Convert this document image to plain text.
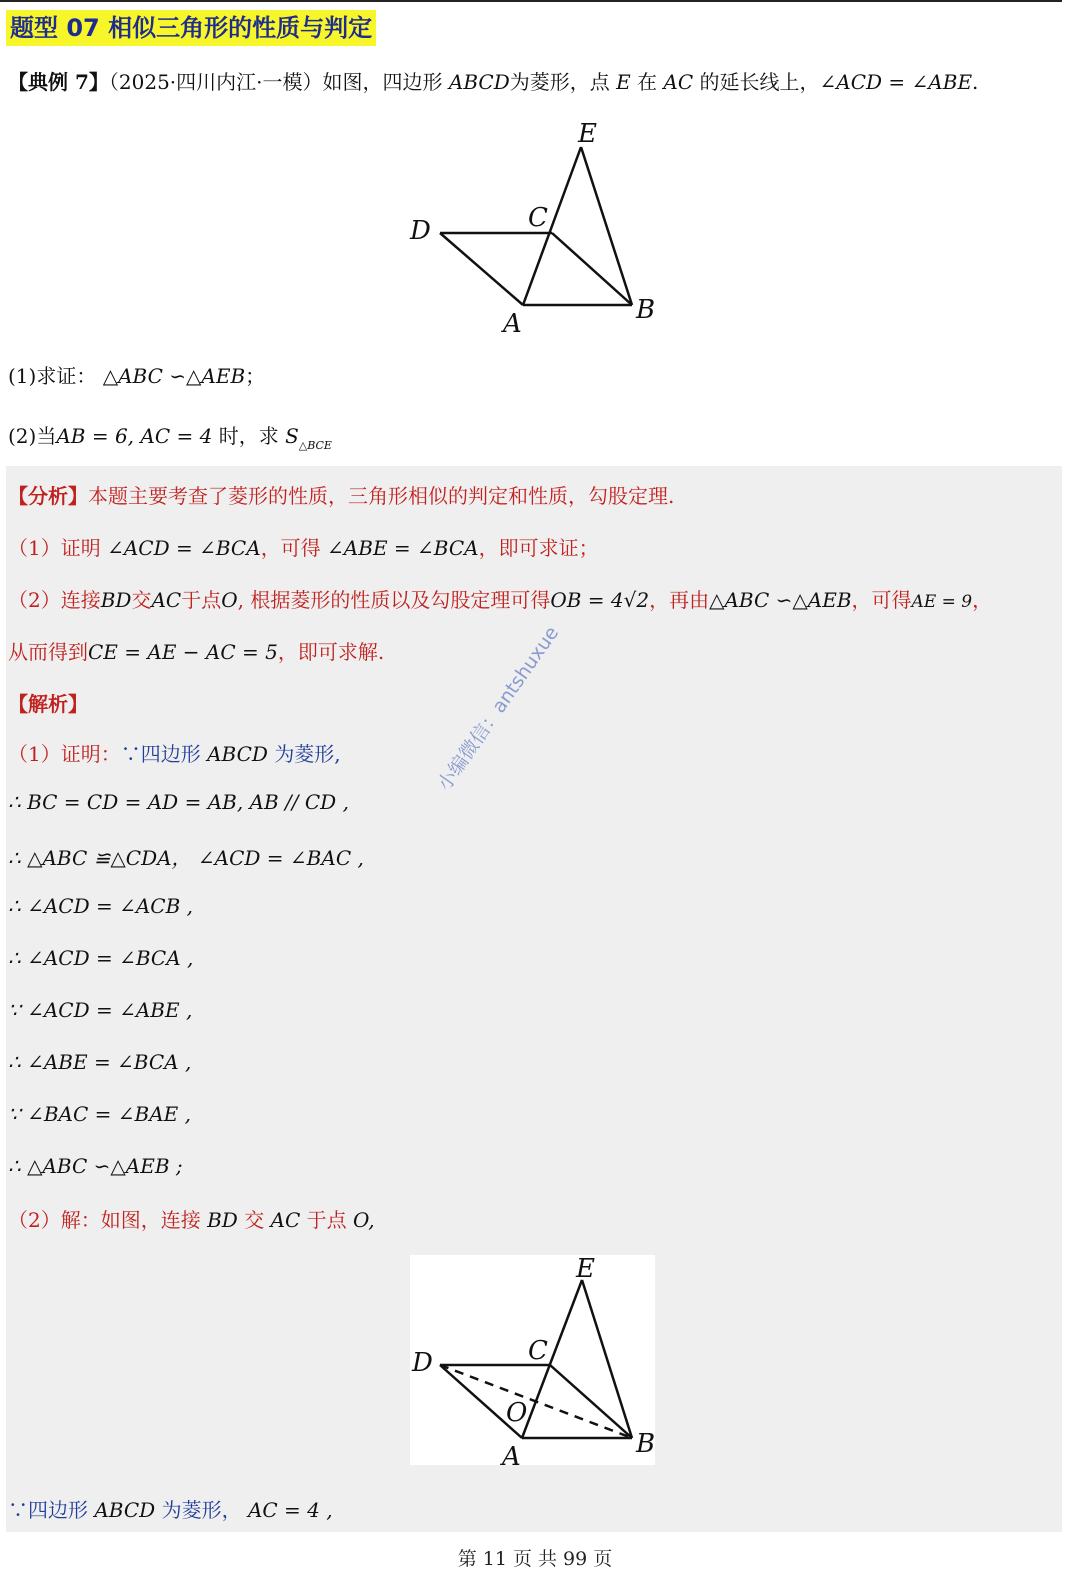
题型 07 相似三角形的性质与判定
【典例 7】（2025·四川内江·一模）如图，四边形 ABCD为菱形，点 E 在 AC 的延长线上，∠ACD = ∠ABE.
E
D	C
A	B
(1)求证： △ABC ∽△AEB；
(2)当AB = 6, AC = 4 时，求 $S_{\triangle BCE}$
【分析】本题主要考查了菱形的性质，三角形相似的判定和性质，勾股定理.
（1）证明 ∠ACD = ∠BCA，可得 ∠ABE = ∠BCA，即可求证；
（2）连接BD交AC于点O, 根据菱形的性质以及勾股定理可得OB = 4√2，再由△ABC ∽△AEB，可得AE = 9，
从而得到CE = AE − AC = 5，即可求解.
【解析】
（1）证明：∵四边形 ABCD 为菱形,
∴ BC = CD = AD = AB, AB // CD ,
∴ △ABC ≌△CDA， ∠ACD = ∠BAC ,
∴ ∠ACD = ∠ACB ,
∴ ∠ACD = ∠BCA ,
∵ ∠ACD = ∠ABE ,
∴ ∠ABE = ∠BCA ,
∵ ∠BAC = ∠BAE ,
∴ △ABC ∽△AEB ;
（2）解：如图，连接 BD 交 AC 于点 O,
E
D	C
O
A	B
∵四边形 ABCD 为菱形， AC = 4 ,
小编微信：antshuxue
第 11 页 共 99 页
